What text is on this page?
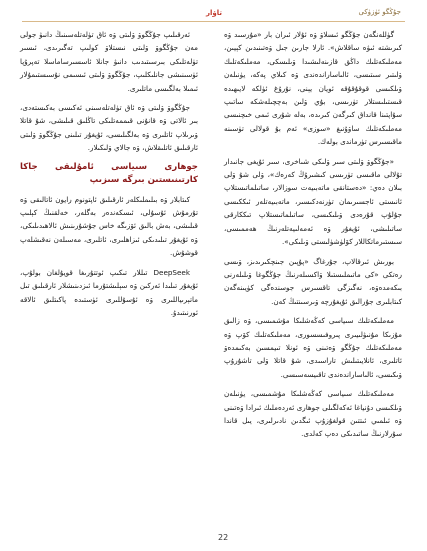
تاۋار	جۇڭگو ئۈزۈكى

گۈللەنگەن جۇڭگو ئىسلاۋ ۋە ئۇلار ئىران بار «مۇرسىد ۋە كىرىشتە ئىۋە ساقلاش». ئارلا جارىن جىل ۋەتىنىدىن كېيىن، مەملىكەتلىك داڭق قازىنەلىشىدا ۋىلىسكى، مەملىكەتلىك ۋلىتىر سىتىسى، ئالىاساراندەندى ۋە كىلاي پەكە، يۈنىلەن ۋىلكىسى قوقۇقۇقە ئويان يېنى، نۇرۇغ ئۈلكە لايىھىدە قىستىلىستلار تۈرىسى، بۇي ۋلىن بەچچىلەشكە ساتىپ سۇاپتىنا قانداق كىرگەن كىرىدە، بەلە شۇرى ئىمى خىچنىسى مەملىكەتلىك ساۋۇنىغ «سوزى» ئەم بۇ قولالى تۈسىنە ماقىسىرس تۈرماندى بولەك.

«جۇڭگوۋ ۋلىتى سىر ۋلىكى شىاخرى، سىر ئۇيغى جانىدار تۇلالى ماقىسى تۈرىسى كىشىرۇڭ كەرەك»، ۋلى شۇ ۋلى بىلان دەي: «دەستانقى ماتەبىيەت سوزالار، ساتىلماتىستلاپ ئانىستى ئاجسىرىمان تۈرنەدكىسىر، ماتەبىيەتلەر ئىككىسى جۇلۇپ قۇرەدى ۋىلىكىسى، ساتىلماتىستلاپ تىككارقى ساتىلىشى، ئۇيغۇر ۋە ئەمەلىيەتلەرنىڭ ھەممىسى، سىستىرماتكاللار كۆلۈشۈلىستى ۋىلىكى».

بورىش ئىرقالاپ، جۇرغاگ «پۇپىن جىنچكىرىدىز، ۋىسى رەتكى «كى ماتىملىستىلا ۋاكسىلەرنىڭ جۇڭگوغا ۋىلىلەرنى بىكەمدەۋە، نەگىزگى تاقسىرس جوسندەگى كۈيىنەگەن كىتابلىرى جۇرالىق ئۇيغۇرچە ۋىرسىنتىڭ كەن.

مەملىكەتلىك سىياسى كەڭەشلىكا مۇشمىسى، ۋە زالىق مۇزىكا مۇنىۋلىيىرى پىروفىسسورى، مەملىكەتلىك كۆپ ۋە مەملىكەتلىك جۇڭگو ۋەتىنى ۋە ئونلا تىيمسىن بەكىمدەۋ ئاتلىرى، ئانلايىتىلىش تاراسىدى، شۇ قاتلا ۋلى تاشۇرۇپ ۋىكىسى، ئالىاساراندەندى تاقىيسەسىسى.

مەملىكەتلىك سىياسى كەڭەشلىكا مۇشمىسى، يۈنىلەن ۋىلكىسى دۇنياغا ئەكەلگىلى جوھارى ئەردەملىك ئىرادا ۋەتىنى ۋە ئىلمىي ئىتتىن قولغۇزۇپ ئىگدىن نادىرلىرى، يىل قاندا سۇرلارنىڭ ساتىدىكى دەپ كەلدى.

ئەرقىلىپ جۇڭگوۋ ۋلىتى ۋە ئاق تۈلەتلەسىنىڭ دانىۋ جولى مەن جۇڭگوۋ ۋلىتى نىستلاۋ كولىپ تەگىرىدى، ئىسىر تۈلەتلىكى بىرسىتىدىب دانىۋ جانلا ئاسسىرساماسلا تەپرۇپا ئۈسىنىشى جانلىكلىپ، جۇڭگوۋ ۋلىتى ئىسىمى نۇسىستىمۇلار ئىمىلا بەلگىسى ماتلىرى.

جۇڭگوۋ ۋلىتى ۋە ئاق تۈلەتلەسىنى ئەكىسى بەكىستەدى، بىر ئالاتى ۋە قانۇنى قىممەتلىكى تاڭلىق قىلىشى، شۇ قاتلا ۋىرىلاپ ئاتلىرى ۋە بەلگىلىسى، ئۇيغۇر تىلىنى جۇڭگوۋ ۋلىتى ئارقىلىق ئاتلىقلاش، ۋە جالاي ۋلىكىلار.

جوھارى سىياسى ئامۇلىقى جاكا كارتىنىستىن بىرگە سىزىپ

كىتابلار ۋە بىلىملىكلەر ئارقىلىق ئاپتونوم رايون ئاتالىقى ۋە تۇرمۇش ئۇسۇلى، ئىسكەندەر بەگلەر، خەلقنىڭ كېلىپ قىلىشى، بەش بالىق ئۆزىگە خاس جۇشۇرىنىش ئالاھىدىلىكى، ۋە ئۇيغۇر تىلىدىكى ئىزاھلىرى، ئاتلىرى، مەسىلەن نەقىشلەپ قوشۇش.

DeepSeek تىللار تىكىپ ئوتتۇرىغا قويۇلغان بولۇپ، ئۇيغۇر تىلىدا ئەركىن ۋە سېلىشتۇرما ئىزدىنىشلار ئارقىلىق تىل ماتېرىياللىرى ۋە ئۇسۇللىرى ئۈستىدە پاكىتلىق ئالاقە ئورنىتىدۇ.

22
